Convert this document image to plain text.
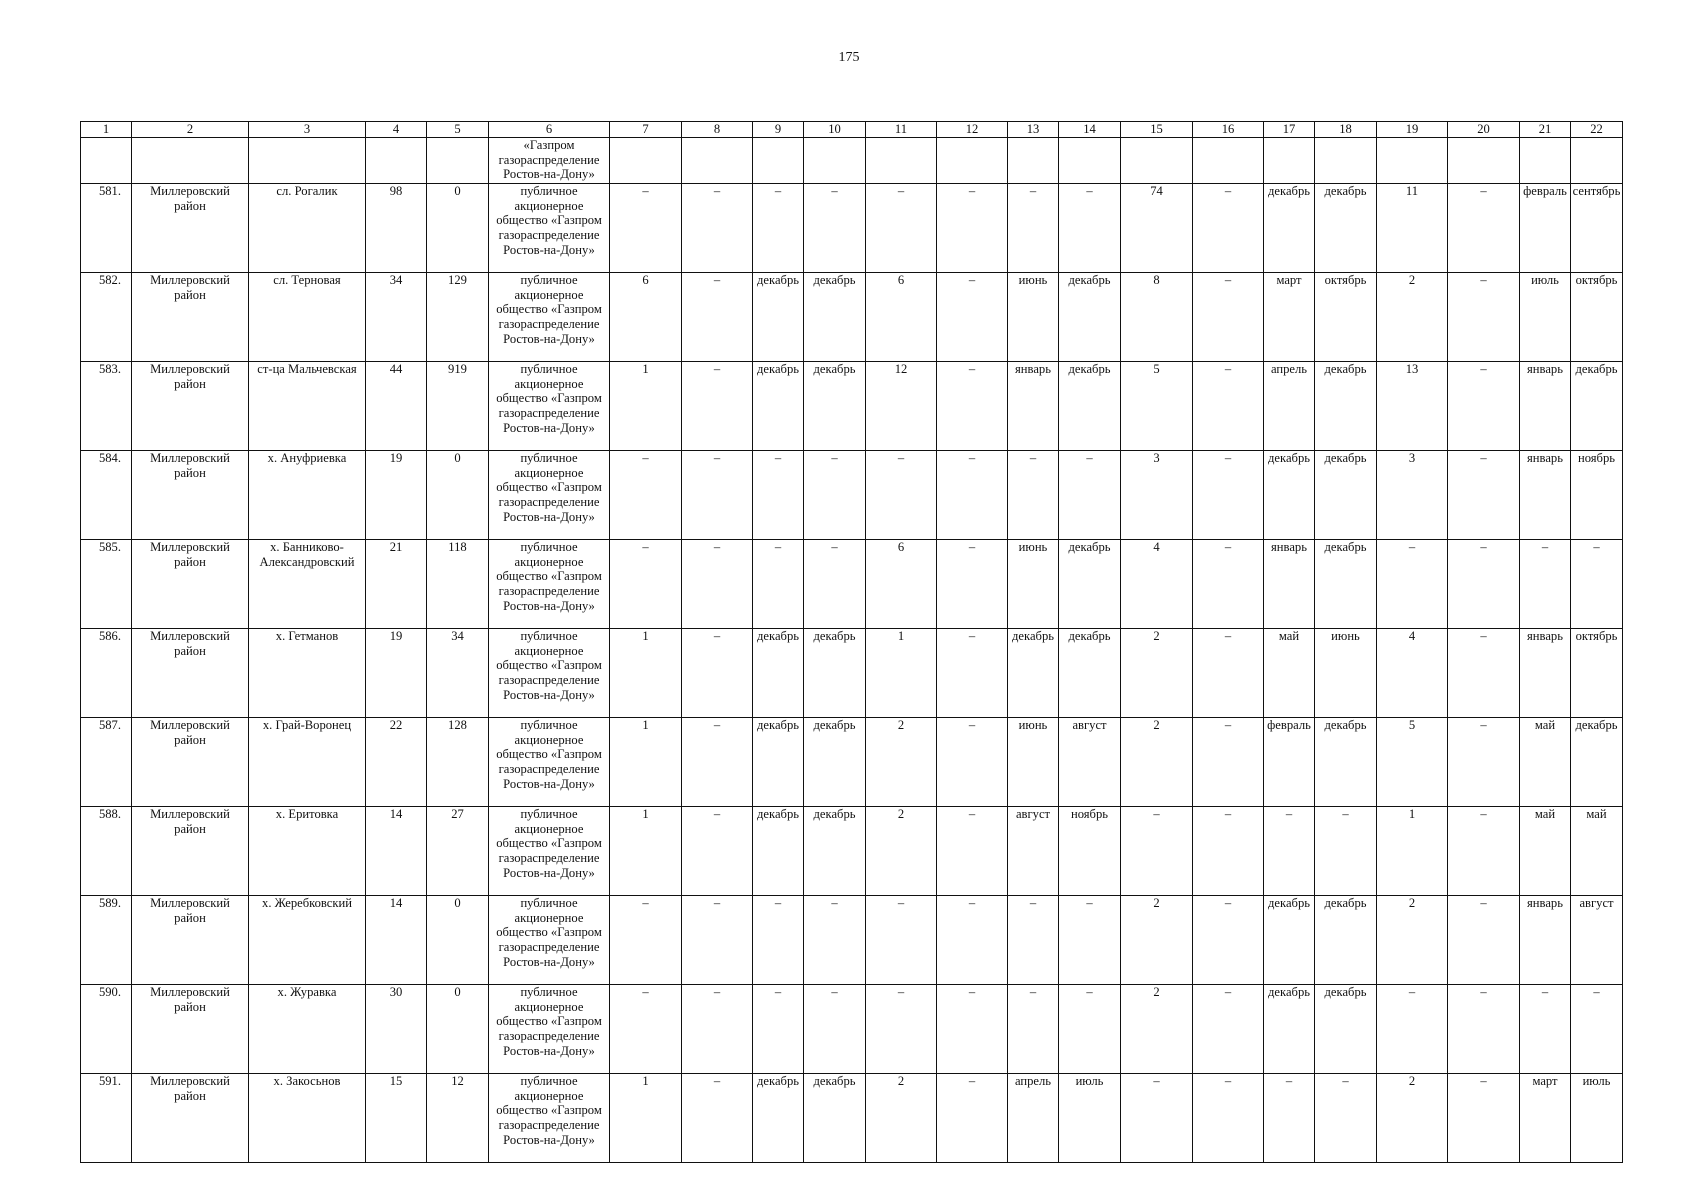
175
1	2	3	4	5	6	7	8	9	10	11	12	13	14	15	16	17	18	19	20	21	22
					«Газпром газораспределение Ростов-на-Дону»																
581.	Миллеровский район	сл. Рогалик	98	0	публичное акционерное общество «Газпром газораспределение Ростов-на-Дону»	–	–	–	–	–	–	–	–	74	–	декабрь	декабрь	11	–	февраль	сентябрь
582.	Миллеровский район	сл. Терновая	34	129	публичное акционерное общество «Газпром газораспределение Ростов-на-Дону»	6	–	декабрь	декабрь	6	–	июнь	декабрь	8	–	март	октябрь	2	–	июль	октябрь
583.	Миллеровский район	ст-ца Мальчевская	44	919	публичное акционерное общество «Газпром газораспределение Ростов-на-Дону»	1	–	декабрь	декабрь	12	–	январь	декабрь	5	–	апрель	декабрь	13	–	январь	декабрь
584.	Миллеровский район	х. Ануфриевка	19	0	публичное акционерное общество «Газпром газораспределение Ростов-на-Дону»	–	–	–	–	–	–	–	–	3	–	декабрь	декабрь	3	–	январь	ноябрь
585.	Миллеровский район	х. Банниково-Александровский	21	118	публичное акционерное общество «Газпром газораспределение Ростов-на-Дону»	–	–	–	–	6	–	июнь	декабрь	4	–	январь	декабрь	–	–	–	–
586.	Миллеровский район	х. Гетманов	19	34	публичное акционерное общество «Газпром газораспределение Ростов-на-Дону»	1	–	декабрь	декабрь	1	–	декабрь	декабрь	2	–	май	июнь	4	–	январь	октябрь
587.	Миллеровский район	х. Грай-Воронец	22	128	публичное акционерное общество «Газпром газораспределение Ростов-на-Дону»	1	–	декабрь	декабрь	2	–	июнь	август	2	–	февраль	декабрь	5	–	май	декабрь
588.	Миллеровский район	х. Еритовка	14	27	публичное акционерное общество «Газпром газораспределение Ростов-на-Дону»	1	–	декабрь	декабрь	2	–	август	ноябрь	–	–	–	–	1	–	май	май
589.	Миллеровский район	х. Жеребковский	14	0	публичное акционерное общество «Газпром газораспределение Ростов-на-Дону»	–	–	–	–	–	–	–	–	2	–	декабрь	декабрь	2	–	январь	август
590.	Миллеровский район	х. Журавка	30	0	публичное акционерное общество «Газпром газораспределение Ростов-на-Дону»	–	–	–	–	–	–	–	–	2	–	декабрь	декабрь	–	–	–	–
591.	Миллеровский район	х. Закосьнов	15	12	публичное акционерное общество «Газпром газораспределение Ростов-на-Дону»	1	–	декабрь	декабрь	2	–	апрель	июль	–	–	–	–	2	–	март	июль
